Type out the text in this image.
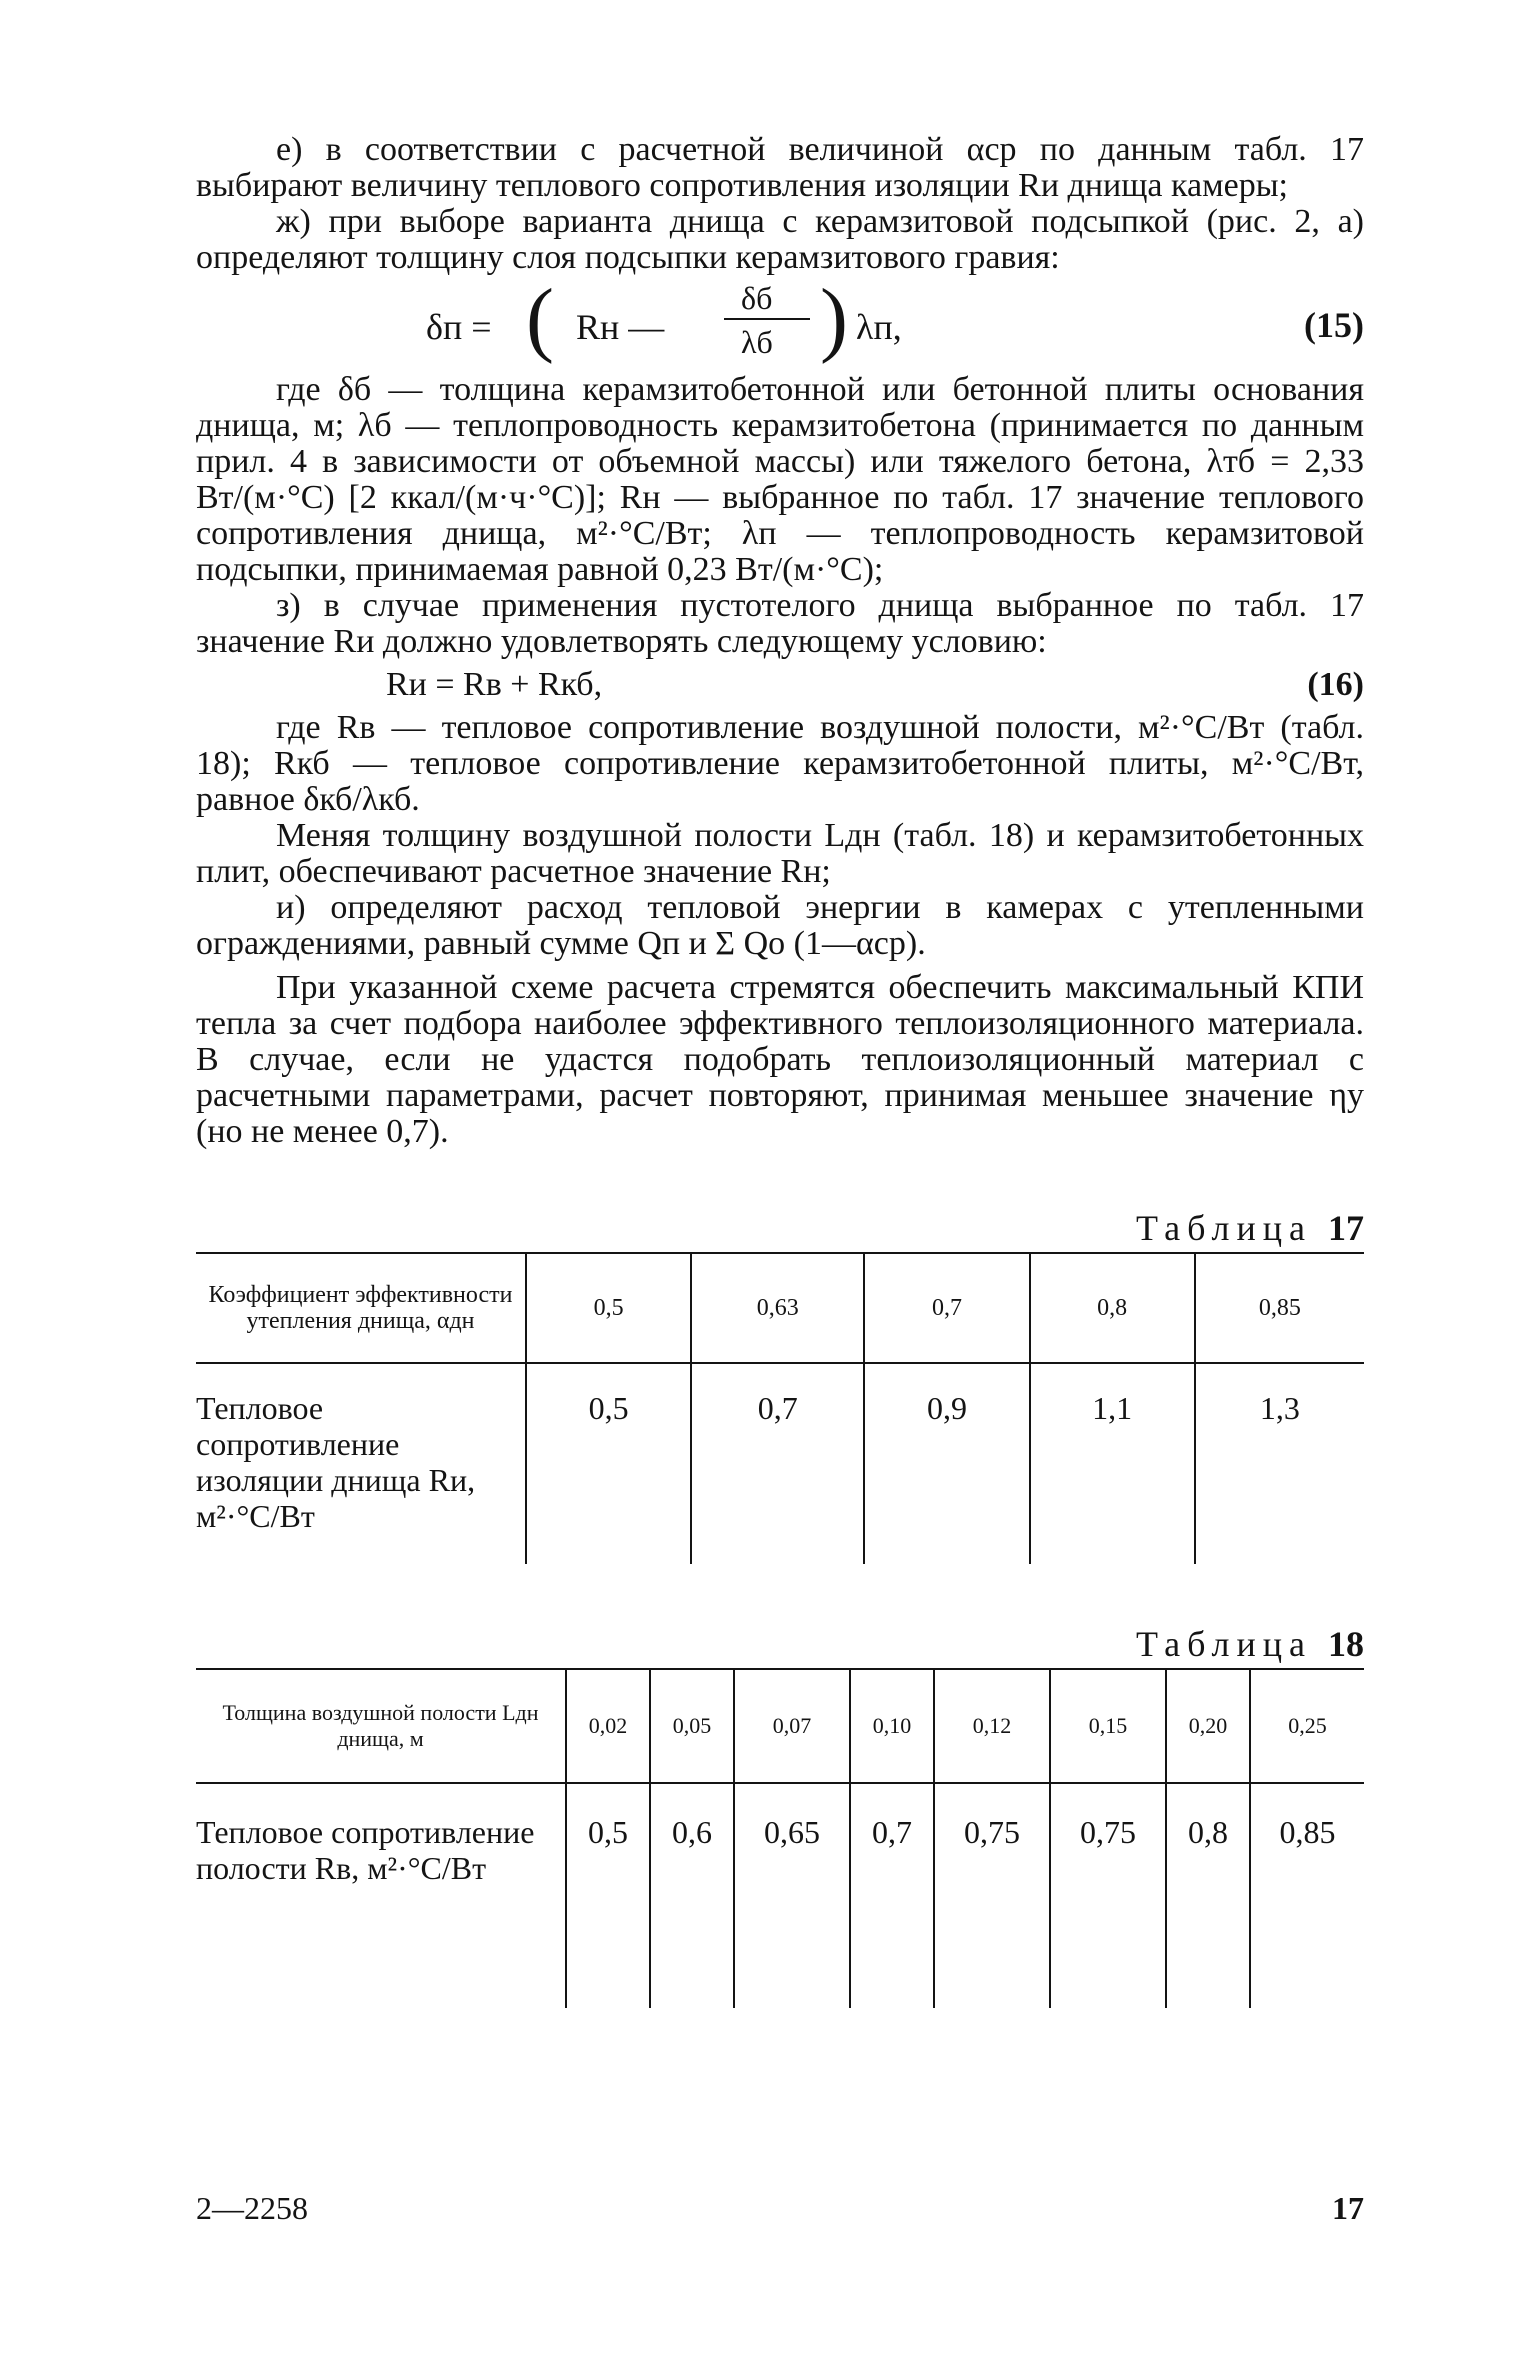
е) в соответствии с расчетной величиной αср по данным табл. 17 выбирают величину теплового сопротивления изоляции Rи днища камеры;

ж) при выборе варианта днища с керамзитовой подсыпкой (рис. 2, а) определяют толщину слоя подсыпки керамзитового гравия:

δп = ( Rн —
δб
λб ) λп,	(15)

где δб — толщина керамзитобетонной или бетонной плиты основания днища, м; λб — теплопроводность керамзитобетона (принимается по данным прил. 4 в зависимости от объемной массы) или тяжелого бетона, λтб = 2,33 Вт/(м·°С) [2 ккал/(м·ч·°С)]; Rн — выбранное по табл. 17 значение теплового сопротивления днища, м²·°С/Вт; λп — теплопроводность керамзитовой подсыпки, принимаемая равной 0,23 Вт/(м·°С);

з) в случае применения пустотелого днища выбранное по табл. 17 значение Rи должно удовлетворять следующему условию:

Rи = Rв + Rкб,	(16)

где Rв — тепловое сопротивление воздушной полости, м²·°С/Вт (табл. 18); Rкб — тепловое сопротивление керамзитобетонной плиты, м²·°С/Вт, равное δкб/λкб.

Меняя толщину воздушной полости Lдн (табл. 18) и керамзитобетонных плит, обеспечивают расчетное значение Rн;

и) определяют расход тепловой энергии в камерах с утепленными ограждениями, равный сумме Qп и Σ Qо (1—αср).

При указанной схеме расчета стремятся обеспечить максимальный КПИ тепла за счет подбора наиболее эффективного теплоизоляционного материала. В случае, если не удастся подобрать теплоизоляционный материал с расчетными параметрами, расчет повторяют, принимая меньшее значение ηу (но не менее 0,7).

Таблица 17
Коэффициент эффективности утепления днища, αдн	0,5	0,63	0,7	0,8	0,85
Тепловое сопротивление изоляции днища Rи, м²·°С/Вт	0,5	0,7	0,9	1,1	1,3
Таблица 18
Толщина воздушной полости Lдн днища, м	0,02	0,05	0,07	0,10	0,12	0,15	0,20	0,25
Тепловое сопротивление полости Rв, м²·°С/Вт	0,5	0,6	0,65	0,7	0,75	0,75	0,8	0,85
2—2258	17
